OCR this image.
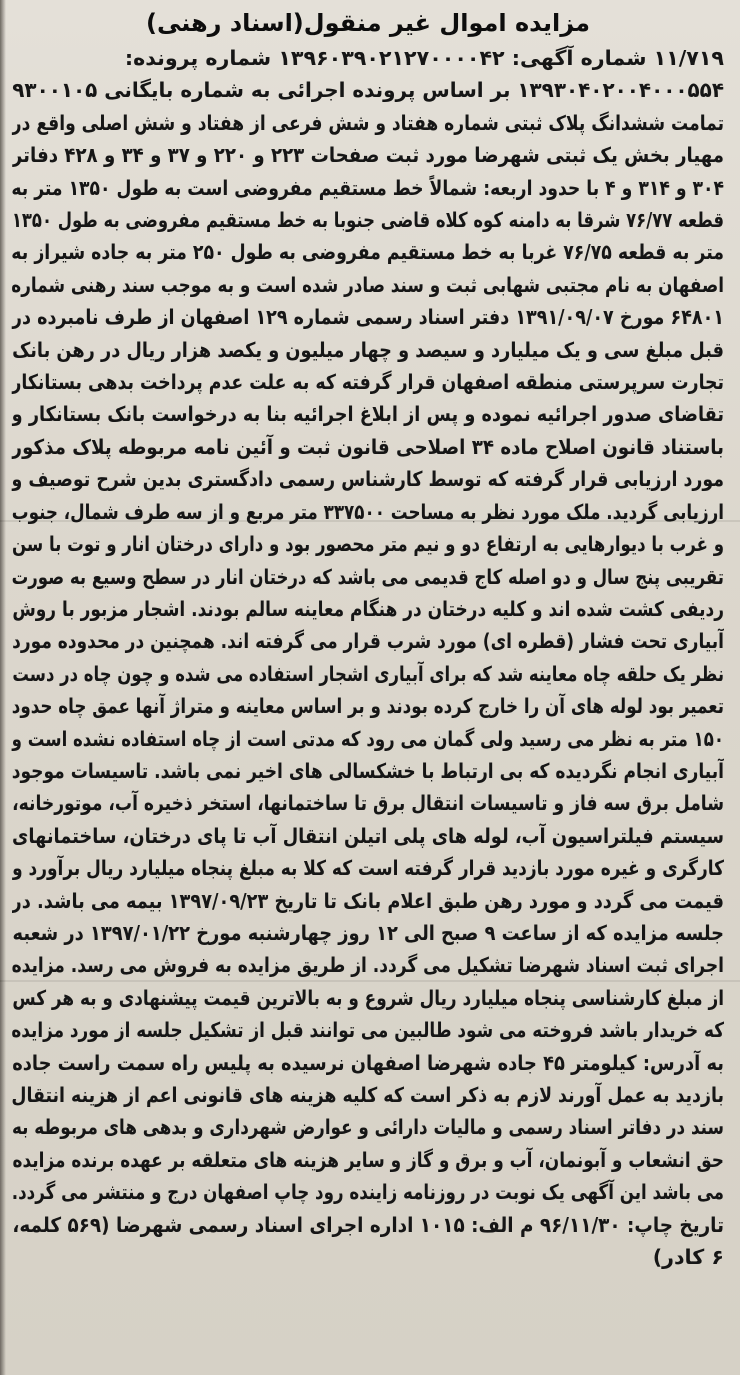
مزایده اموال غیر منقول(اسناد رهنی)
۱۱/۷۱۹ شماره آگهی: ۱۳۹۶۰۳۹۰۲۱۲۷۰۰۰۰۴۲ شماره پرونده:
۱۳۹۳۰۴۰۲۰۰۴۰۰۰۵۵۴ بر اساس پرونده اجرائی به شماره بایگانی ۹۳۰۰۱۰۵
تمامت ششدانگ پلاک ثبتی شماره هفتاد و شش فرعی از هفتاد و شش اصلی واقع در
مهیار بخش یک ثبتی شهرضا مورد ثبت صفحات ۲۲۳ و ۲۲۰ و ۳۷ و ۳۴ و ۴۲۸ دفاتر
۳۰۴ و ۳۱۴ و ۴ با حدود اربعه: شمالاً خط مستقیم مفروضی است به طول ۱۳۵۰ متر به
قطعه ۷۶/۷۷ شرقا به دامنه کوه کلاه قاضی جنوبا به خط مستقیم مفروضی به طول ۱۳۵۰
متر به قطعه ۷۶/۷۵ غربا به خط مستقیم مفروضی به طول ۲۵۰ متر به جاده شیراز به
اصفهان به نام مجتبی شهابی ثبت و سند صادر شده است و به موجب سند رهنی شماره
۶۴۸۰۱ مورخ ۱۳۹۱/۰۹/۰۷ دفتر اسناد رسمی شماره ۱۲۹ اصفهان از طرف نامبرده در
قبل مبلغ سی و یک میلیارد و سیصد و چهار میلیون و یکصد هزار ریال در رهن بانک
تجارت سرپرستی منطقه اصفهان قرار گرفته که به علت عدم پرداخت بدهی بستانکار
تقاضای صدور اجرائیه نموده و پس از ابلاغ اجرائیه بنا به درخواست بانک بستانکار و
باستناد قانون اصلاح ماده ۳۴ اصلاحی قانون ثبت و آئین نامه مربوطه پلاک مذکور
مورد ارزیابی قرار گرفته که توسط کارشناس رسمی دادگستری بدین شرح توصیف و
ارزیابی گردید. ملک مورد نظر به مساحت ۳۳۷۵۰۰ متر مربع و از سه طرف شمال، جنوب
و غرب با دیوارهایی به ارتفاع دو و نیم متر محصور بود و دارای درختان انار و توت با سن
تقریبی پنج سال و دو اصله کاج قدیمی می باشد که درختان انار در سطح وسیع به صورت
ردیفی کشت شده اند و کلیه درختان در هنگام معاینه سالم بودند. اشجار مزبور با روش
آبیاری تحت فشار (قطره ای) مورد شرب قرار می گرفته اند. همچنین در محدوده مورد
نظر یک حلقه چاه معاینه شد که برای آبیاری اشجار استفاده می شده و چون چاه در دست
تعمیر بود لوله های آن را خارج کرده بودند و بر اساس معاینه و متراژ آنها عمق چاه حدود
۱۵۰ متر به نظر می رسید ولی گمان می رود که مدتی است از چاه استفاده نشده است و
آبیاری انجام نگردیده که بی ارتباط با خشکسالی های اخیر نمی باشد. تاسیسات موجود
شامل برق سه فاز و تاسیسات انتقال برق تا ساختمانها، استخر ذخیره آب، موتورخانه،
سیستم فیلتراسیون آب، لوله های پلی اتیلن انتقال آب تا پای درختان، ساختمانهای
کارگری و غیره مورد بازدید قرار گرفته است که کلا به مبلغ پنجاه میلیارد ریال برآورد و
قیمت می گردد و مورد رهن طبق اعلام بانک تا تاریخ ۱۳۹۷/۰۹/۲۳ بیمه می باشد. در
جلسه مزایده که از ساعت ۹ صبح الی ۱۲ روز چهارشنبه مورخ ۱۳۹۷/۰۱/۲۲ در شعبه
اجرای ثبت اسناد شهرضا تشکیل می گردد. از طریق مزایده به فروش می رسد. مزایده
از مبلغ کارشناسی پنجاه میلیارد ریال شروع و به بالاترین قیمت پیشنهادی و به هر کس
که خریدار باشد فروخته می شود طالبین می توانند قبل از تشکیل جلسه از مورد مزایده
به آدرس: کیلومتر ۴۵ جاده شهرضا اصفهان نرسیده به پلیس راه سمت راست جاده
بازدید به عمل آورند لازم به ذکر است که کلیه هزینه های قانونی اعم از هزینه انتقال
سند در دفاتر اسناد رسمی و مالیات دارائی و عوارض شهرداری و بدهی های مربوطه به
حق انشعاب و آبونمان، آب و برق و گاز و سایر هزینه های متعلقه بر عهده برنده مزایده
می باشد این آگهی یک نوبت در روزنامه زاینده رود چاپ اصفهان درج و منتشر می گردد.
تاریخ چاپ: ۹۶/۱۱/۳۰ م الف: ۱۰۱۵ اداره اجرای اسناد رسمی شهرضا (۵۶۹ کلمه،
۶ کادر)
